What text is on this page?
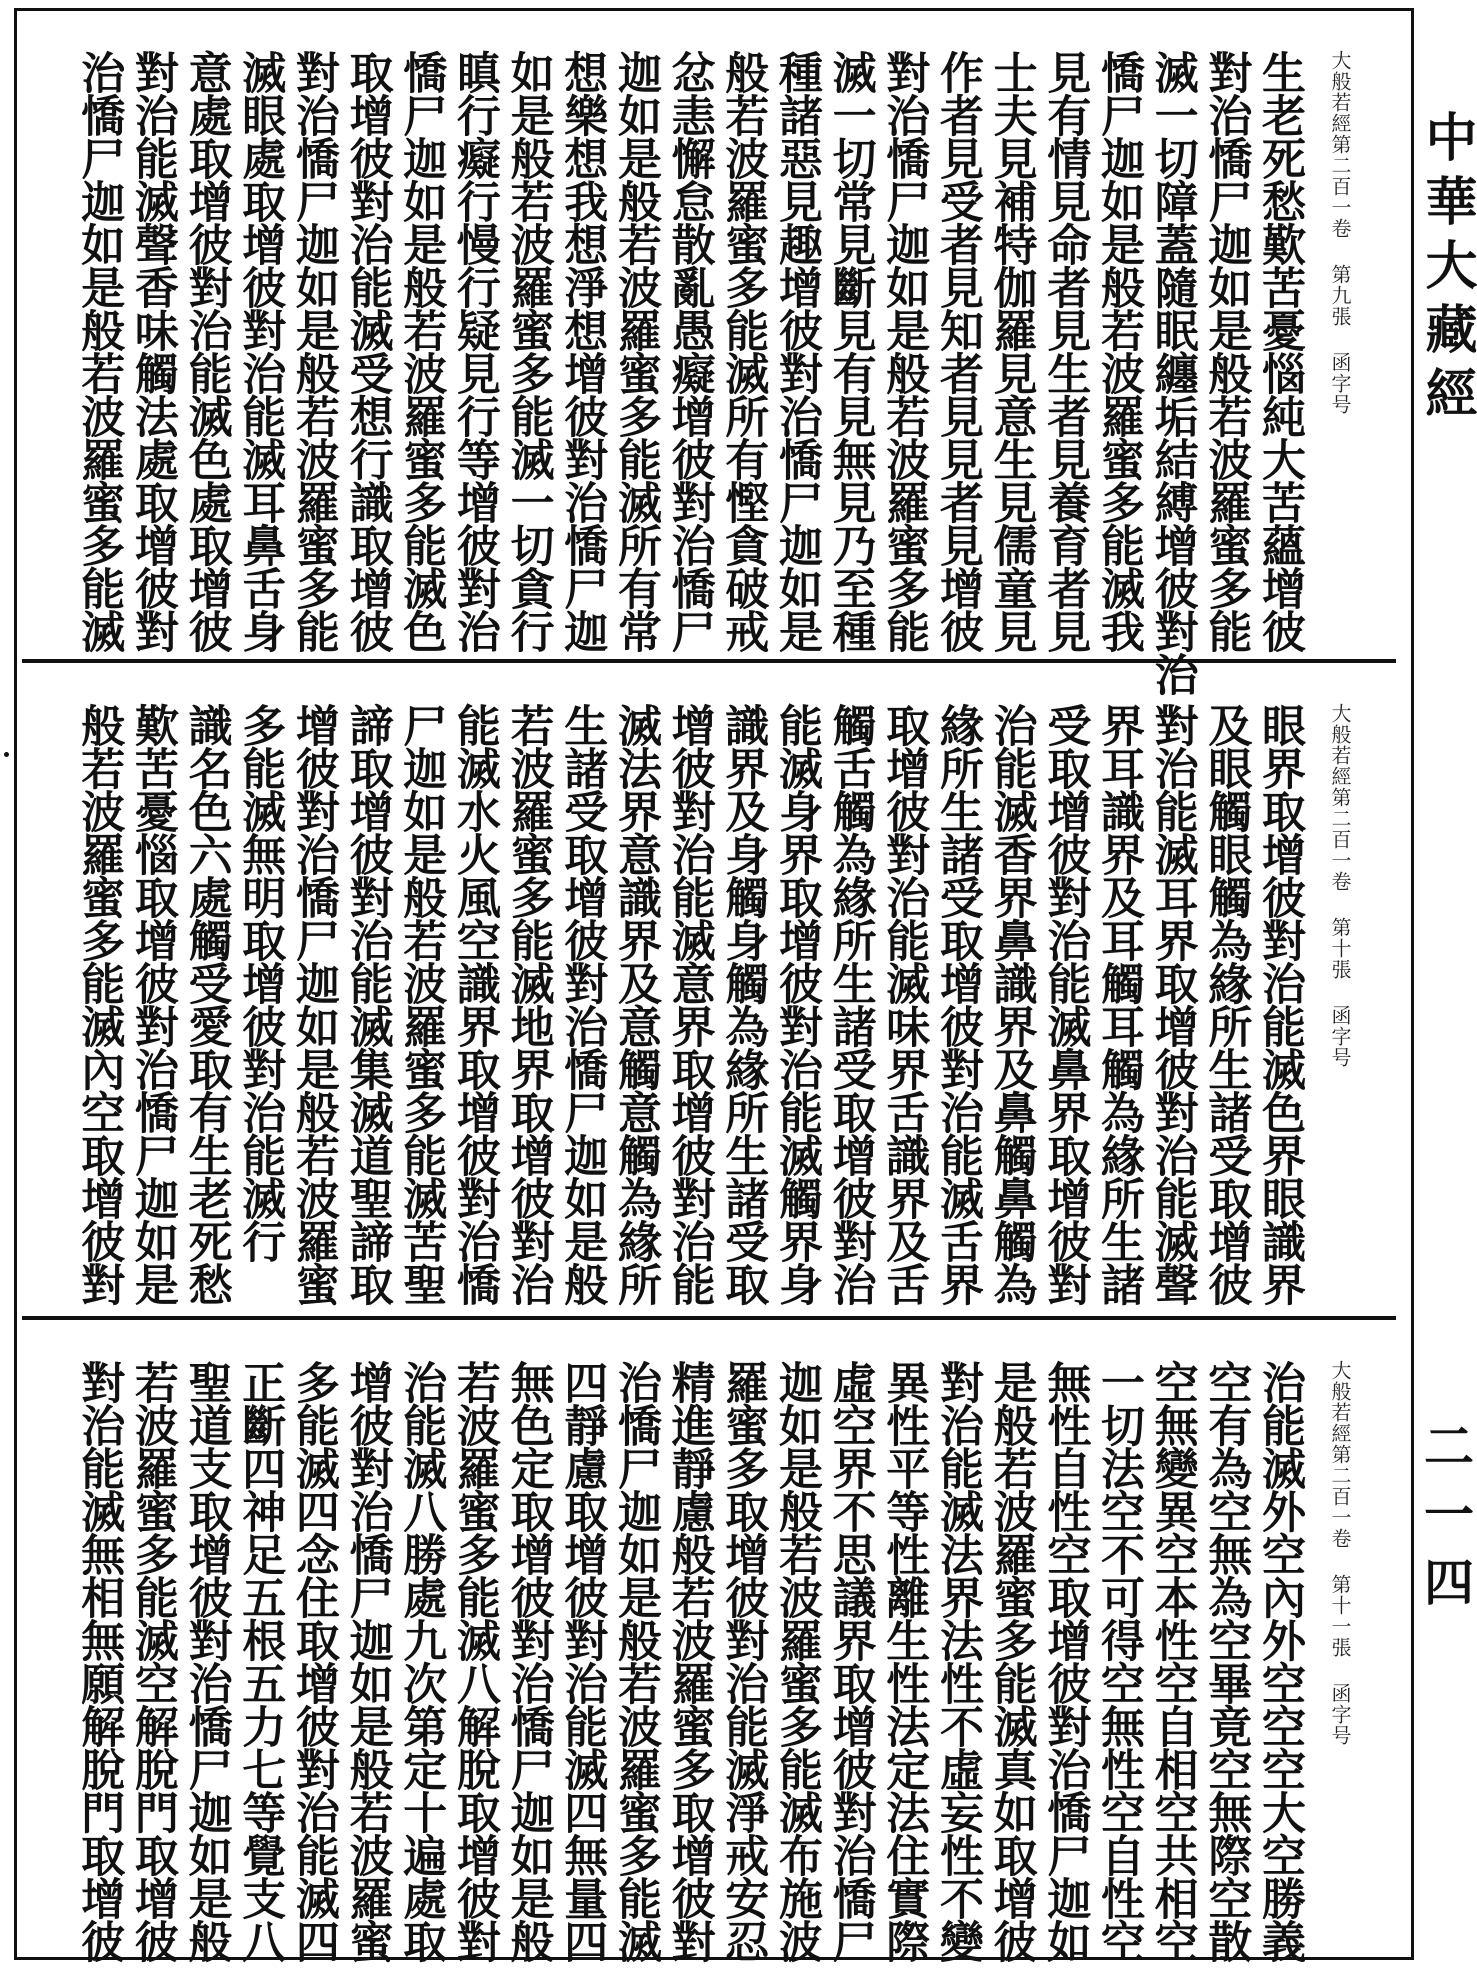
大般若經第二百一卷 第九張 函字号
生老死愁歎苦憂惱純大苦蘊增彼
對治憍尸迦如是般若波羅蜜多能
滅一切障蓋隨眠纏垢結縛增彼對治
憍尸迦如是般若波羅蜜多能滅我
見有情見命者見生者見養育者見
士夫見補特伽羅見意生見儒童見
作者見受者見知者見見者見增彼
對治憍尸迦如是般若波羅蜜多能
滅一切常見斷見有見無見乃至種
種諸惡見趣增彼對治憍尸迦如是
般若波羅蜜多能滅所有慳貪破戒
忿恚懈怠散亂愚癡增彼對治憍尸
迦如是般若波羅蜜多能滅所有常
想樂想我想淨想增彼對治憍尸迦
如是般若波羅蜜多能滅一切貪行
瞋行癡行慢行疑見行等增彼對治
憍尸迦如是般若波羅蜜多能滅色
取增彼對治能滅受想行識取增彼
對治憍尸迦如是般若波羅蜜多能
滅眼處取增彼對治能滅耳鼻舌身
意處取增彼對治能滅色處取增彼
對治能滅聲香味觸法處取增彼對
治憍尸迦如是般若波羅蜜多能滅
大般若經第二百一卷 第十張 函字号
眼界取增彼對治能滅色界眼識界
及眼觸眼觸為緣所生諸受取增彼
對治能滅耳界取增彼對治能滅聲
界耳識界及耳觸耳觸為緣所生諸
受取增彼對治能滅鼻界取增彼對
治能滅香界鼻識界及鼻觸鼻觸為
緣所生諸受取增彼對治能滅舌界
取增彼對治能滅味界舌識界及舌
觸舌觸為緣所生諸受取增彼對治
能滅身界取增彼對治能滅觸界身
識界及身觸身觸為緣所生諸受取
增彼對治能滅意界取增彼對治能
滅法界意識界及意觸意觸為緣所
生諸受取增彼對治憍尸迦如是般
若波羅蜜多能滅地界取增彼對治
能滅水火風空識界取增彼對治憍
尸迦如是般若波羅蜜多能滅苦聖
諦取增彼對治能滅集滅道聖諦取
增彼對治憍尸迦如是般若波羅蜜
多能滅無明取增彼對治能滅行
識名色六處觸受愛取有生老死愁
歎苦憂惱取增彼對治憍尸迦如是
般若波羅蜜多能滅內空取增彼對
大般若經第二百一卷 第十一張 函字号
治能滅外空內外空空空大空勝義
空有為空無為空畢竟空無際空散
空無變異空本性空自相空共相空
一切法空不可得空無性空自性空
無性自性空取增彼對治憍尸迦如
是般若波羅蜜多能滅真如取增彼
對治能滅法界法性不虛妄性不變
異性平等性離生性法定法住實際
虛空界不思議界取增彼對治憍尸
迦如是般若波羅蜜多能滅布施波
羅蜜多取增彼對治能滅淨戒安忍
精進靜慮般若波羅蜜多取增彼對
治憍尸迦如是般若波羅蜜多能滅
四靜慮取增彼對治能滅四無量四
無色定取增彼對治憍尸迦如是般
若波羅蜜多能滅八解脫取增彼對
治能滅八勝處九次第定十遍處取
增彼對治憍尸迦如是般若波羅蜜
多能滅四念住取增彼對治能滅四
正斷四神足五根五力七等覺支八
聖道支取增彼對治憍尸迦如是般
若波羅蜜多能滅空解脫門取增彼
對治能滅無相無願解脫門取增彼
中華大藏經
二一四
